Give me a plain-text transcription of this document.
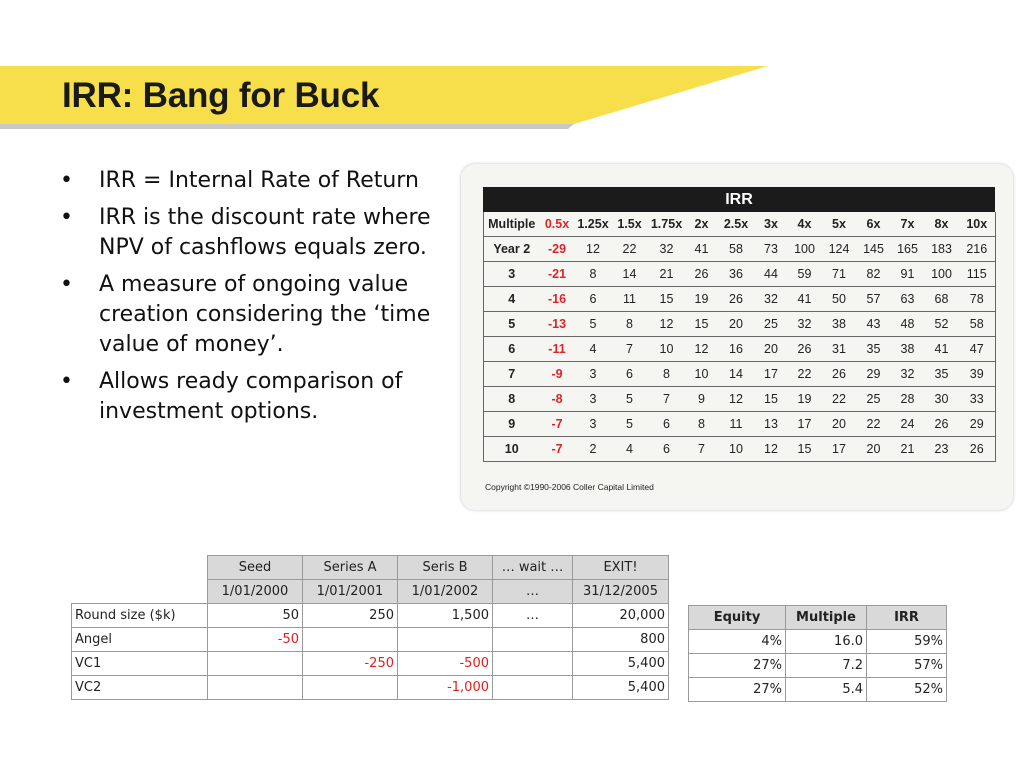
IRR: Bang for Buck
• IRR = Internal Rate of Return
• IRR is the discount rate where NPV of cashflows equals zero.
• A measure of ongoing value creation considering the ‘time value of money’.
• Allows ready comparison of investment options.
IRR
Multiple	0.5x	1.25x	1.5x	1.75x	2x	2.5x	3x	4x	5x	6x	7x	8x	10x
Year 2	-29	12	22	32	41	58	73	100	124	145	165	183	216
3	-21	8	14	21	26	36	44	59	71	82	91	100	115
4	-16	6	11	15	19	26	32	41	50	57	63	68	78
5	-13	5	8	12	15	20	25	32	38	43	48	52	58
6	-11	4	7	10	12	16	20	26	31	35	38	41	47
7	-9	3	6	8	10	14	17	22	26	29	32	35	39
8	-8	3	5	7	9	12	15	19	22	25	28	30	33
9	-7	3	5	6	8	11	13	17	20	22	24	26	29
10	-7	2	4	6	7	10	12	15	17	20	21	23	26
Copyright ©1990-2006 Coller Capital Limited
	Seed	Series A	Seris B	… wait …	EXIT!
	1/01/2000	1/01/2001	1/01/2002	…	31/12/2005
Round size ($k)	50	250	1,500	…	20,000
Angel	-50				800
VC1		-250	-500		5,400
VC2			-1,000		5,400
Equity	Multiple	IRR
4%	16.0	59%
27%	7.2	57%
27%	5.4	52%
